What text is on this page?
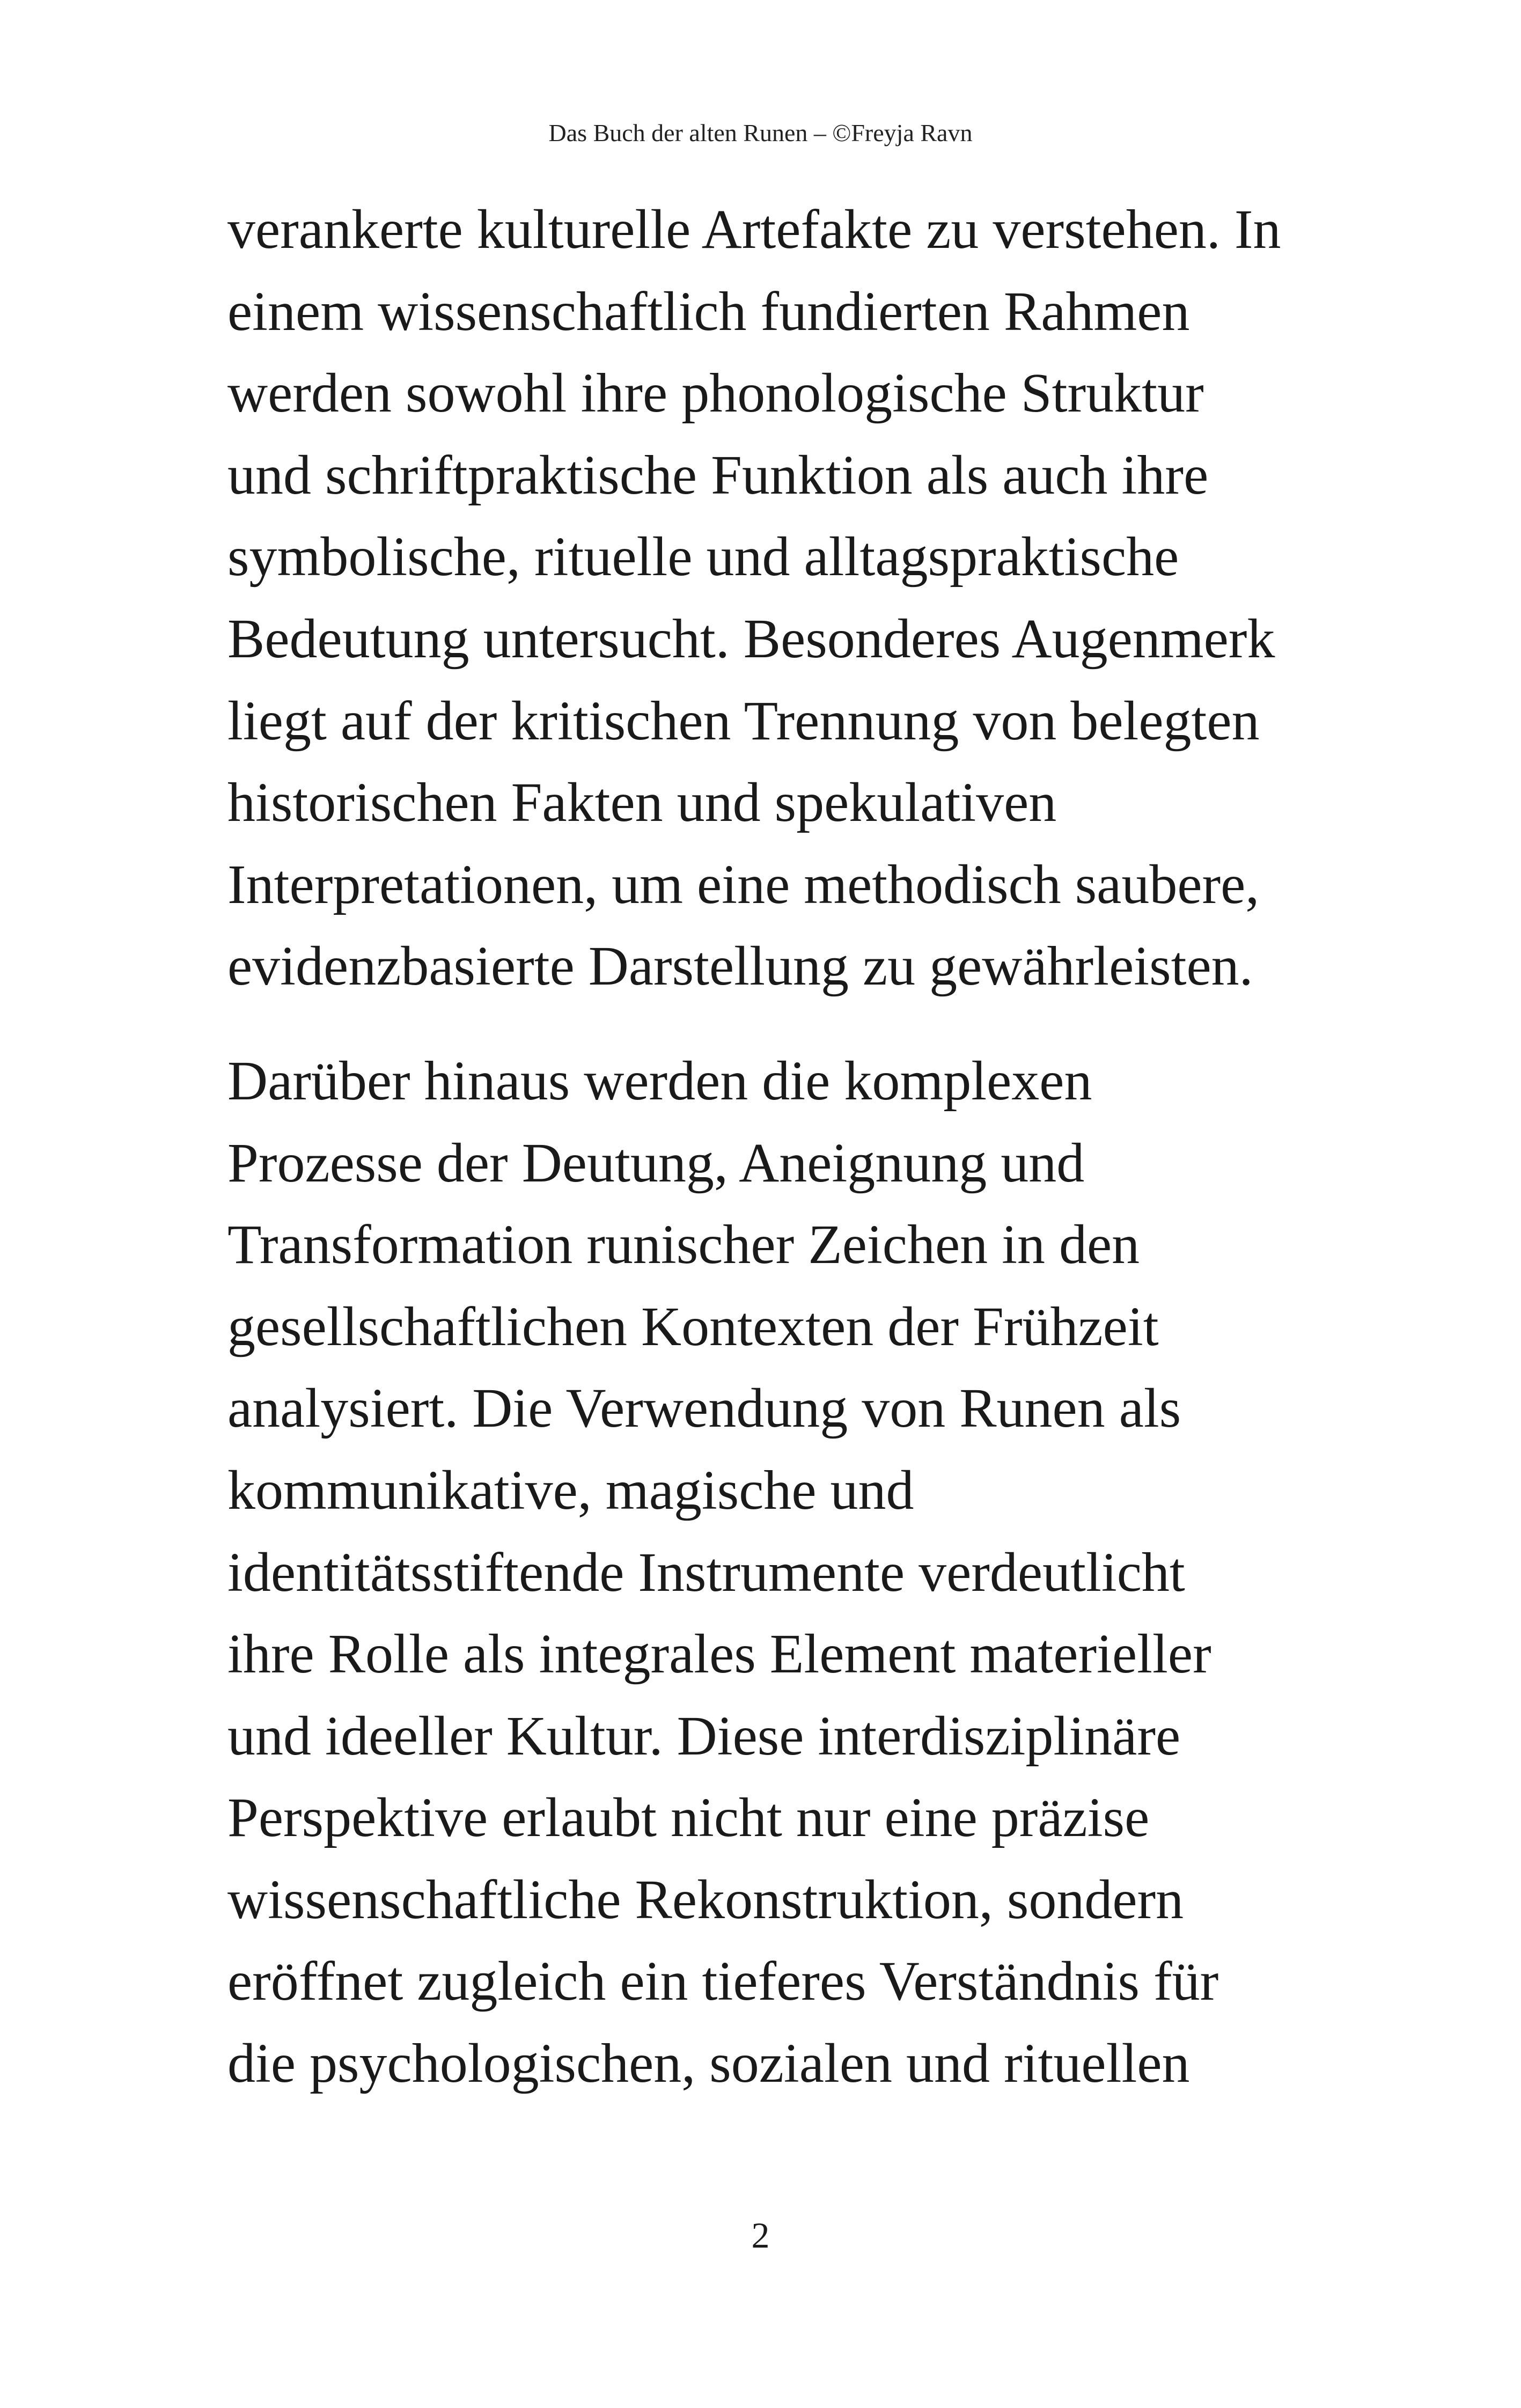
Das Buch der alten Runen – ©Freyja Ravn

verankerte kulturelle Artefakte zu verstehen. In
einem wissenschaftlich fundierten Rahmen
werden sowohl ihre phonologische Struktur
und schriftpraktische Funktion als auch ihre
symbolische, rituelle und alltagspraktische
Bedeutung untersucht. Besonderes Augenmerk
liegt auf der kritischen Trennung von belegten
historischen Fakten und spekulativen
Interpretationen, um eine methodisch saubere,
evidenzbasierte Darstellung zu gewährleisten.

Darüber hinaus werden die komplexen
Prozesse der Deutung, Aneignung und
Transformation runischer Zeichen in den
gesellschaftlichen Kontexten der Frühzeit
analysiert. Die Verwendung von Runen als
kommunikative, magische und
identitätsstiftende Instrumente verdeutlicht
ihre Rolle als integrales Element materieller
und ideeller Kultur. Diese interdisziplinäre
Perspektive erlaubt nicht nur eine präzise
wissenschaftliche Rekonstruktion, sondern
eröffnet zugleich ein tieferes Verständnis für
die psychologischen, sozialen und rituellen

2
